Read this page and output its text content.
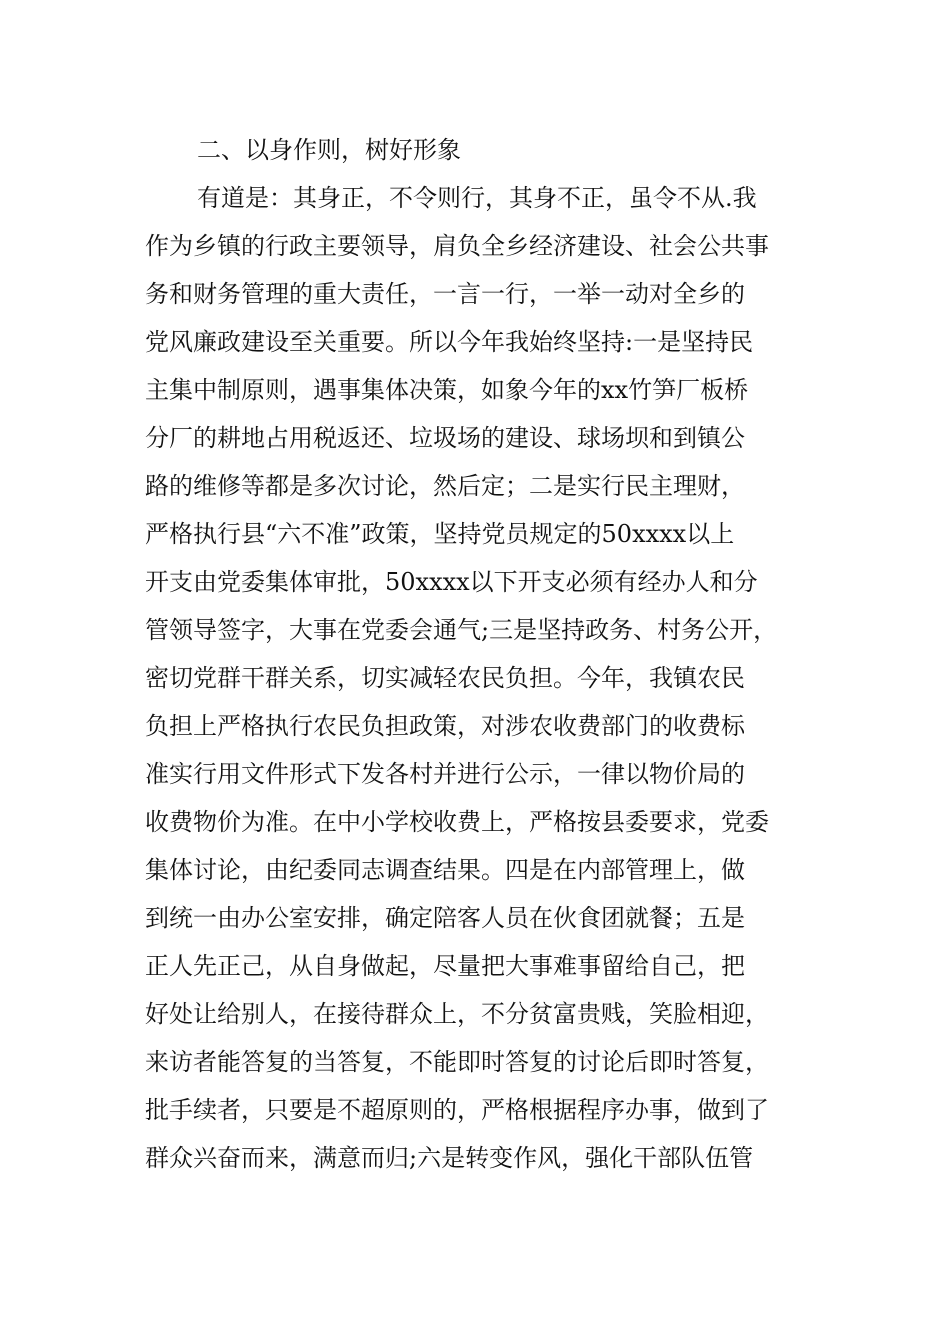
二、以身作则，树好形象
有道是：其身正，不令则行，其身不正，虽令不从.我
作为乡镇的行政主要领导，肩负全乡经济建设、社会公共事
务和财务管理的重大责任，一言一行，一举一动对全乡的
党风廉政建设至关重要。所以今年我始终坚持:一是坚持民
主集中制原则，遇事集体决策，如象今年的xx竹笋厂板桥
分厂的耕地占用税返还、垃圾场的建设、球场坝和到镇公
路的维修等都是多次讨论，然后定；二是实行民主理财，
严格执行县“六不准”政策，坚持党员规定的50xxxx以上
开支由党委集体审批，50xxxx以下开支必须有经办人和分
管领导签字，大事在党委会通气;三是坚持政务、村务公开，
密切党群干群关系，切实减轻农民负担。今年，我镇农民
负担上严格执行农民负担政策，对涉农收费部门的收费标
准实行用文件形式下发各村并进行公示，一律以物价局的
收费物价为准。在中小学校收费上，严格按县委要求，党委
集体讨论，由纪委同志调查结果。四是在内部管理上，做
到统一由办公室安排，确定陪客人员在伙食团就餐；五是
正人先正己，从自身做起，尽量把大事难事留给自己，把
好处让给别人，在接待群众上，不分贫富贵贱，笑脸相迎，
来访者能答复的当答复，不能即时答复的讨论后即时答复，
批手续者，只要是不超原则的，严格根据程序办事，做到了
群众兴奋而来，满意而归;六是转变作风，强化干部队伍管
